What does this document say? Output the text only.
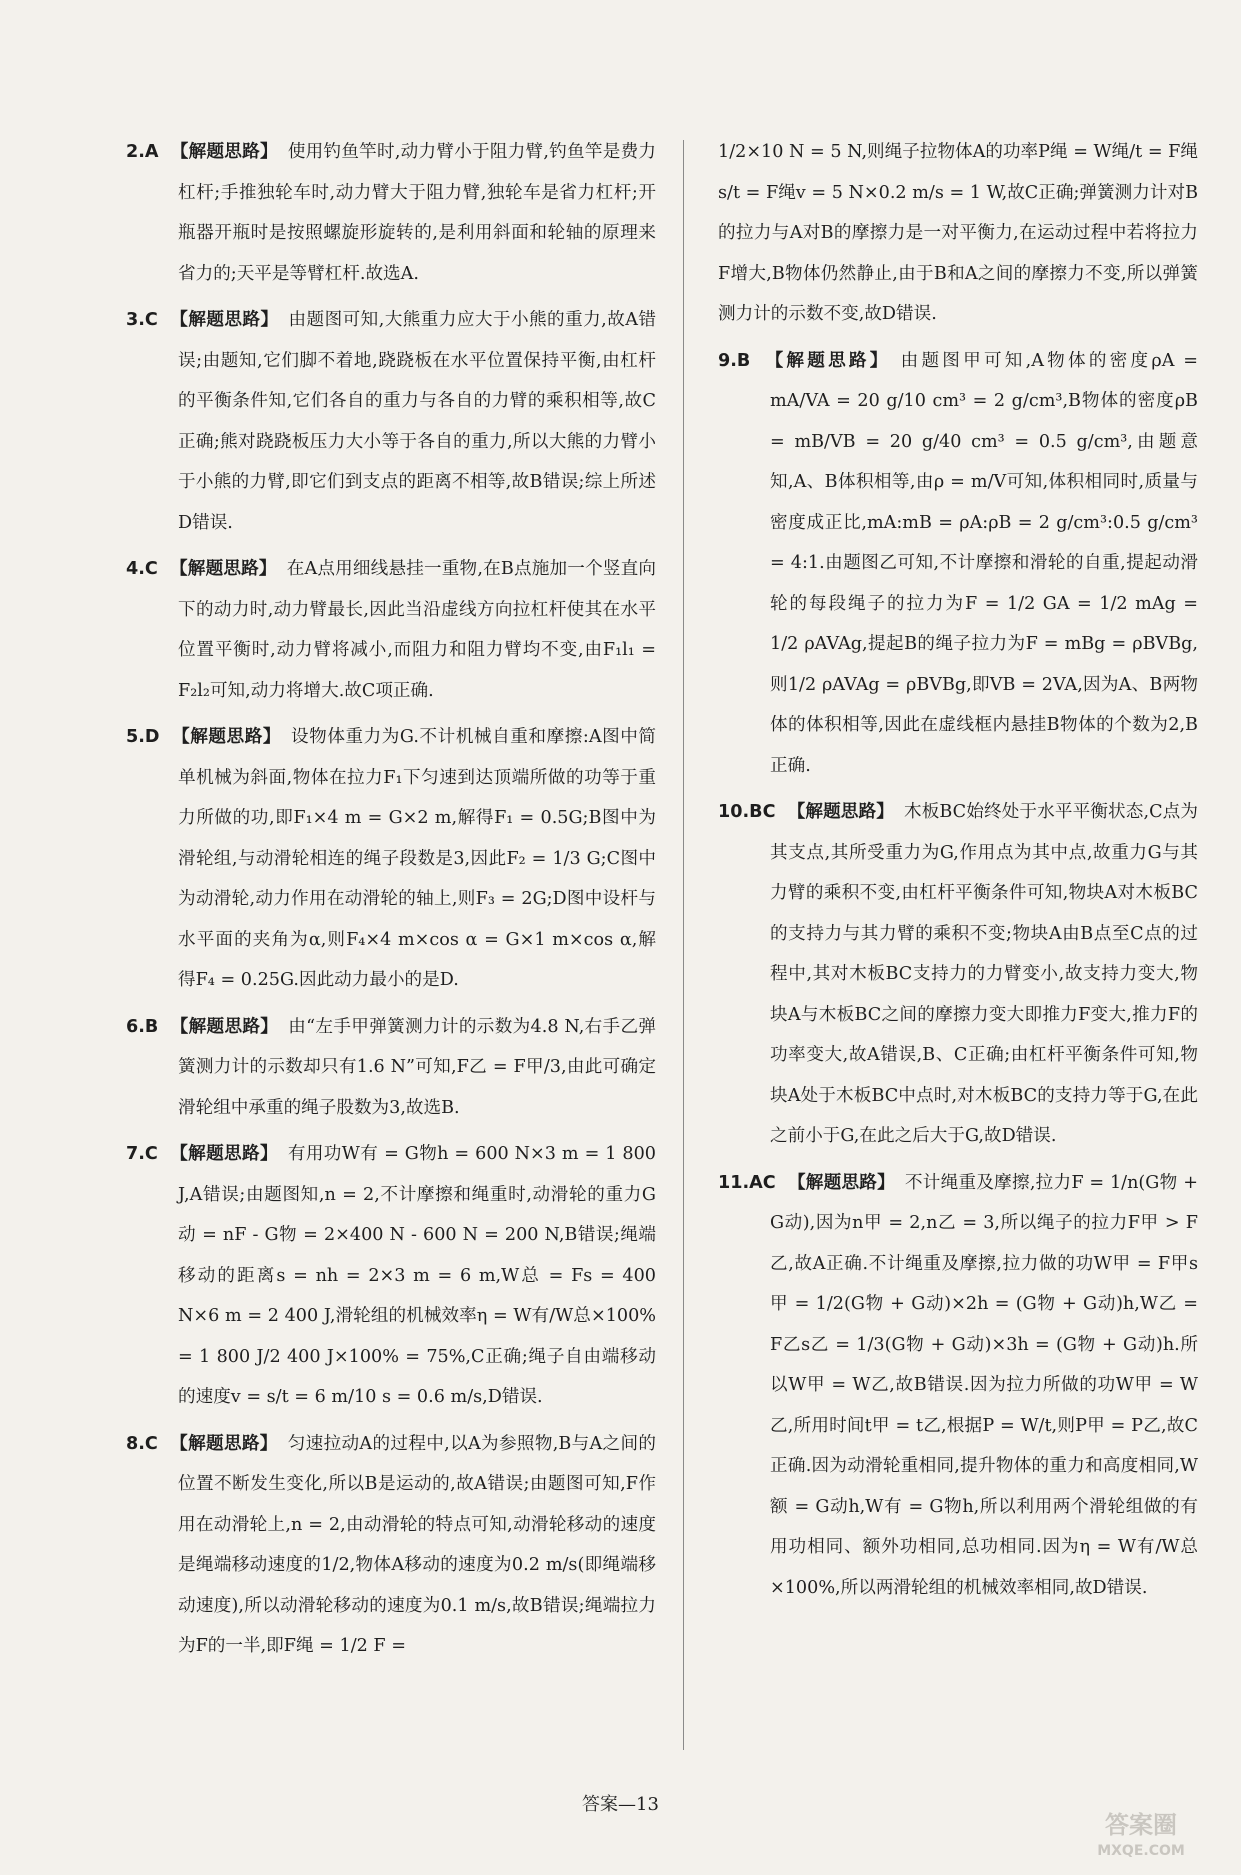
2.A 【解题思路】 使用钓鱼竿时,动力臂小于阻力臂,钓鱼竿是费力杠杆;手推独轮车时,动力臂大于阻力臂,独轮车是省力杠杆;开瓶器开瓶时是按照螺旋形旋转的,是利用斜面和轮轴的原理来省力的;天平是等臂杠杆.故选A.

3.C 【解题思路】 由题图可知,大熊重力应大于小熊的重力,故A错误;由题知,它们脚不着地,跷跷板在水平位置保持平衡,由杠杆的平衡条件知,它们各自的重力与各自的力臂的乘积相等,故C正确;熊对跷跷板压力大小等于各自的重力,所以大熊的力臂小于小熊的力臂,即它们到支点的距离不相等,故B错误;综上所述D错误.

4.C 【解题思路】 在A点用细线悬挂一重物,在B点施加一个竖直向下的动力时,动力臂最长,因此当沿虚线方向拉杠杆使其在水平位置平衡时,动力臂将减小,而阻力和阻力臂均不变,由F₁l₁ = F₂l₂可知,动力将增大.故C项正确.

5.D 【解题思路】 设物体重力为G.不计机械自重和摩擦:A图中简单机械为斜面,物体在拉力F₁下匀速到达顶端所做的功等于重力所做的功,即F₁×4 m = G×2 m,解得F₁ = 0.5G;B图中为滑轮组,与动滑轮相连的绳子段数是3,因此F₂ = 1/3 G;C图中为动滑轮,动力作用在动滑轮的轴上,则F₃ = 2G;D图中设杆与水平面的夹角为α,则F₄×4 m×cos α = G×1 m×cos α,解得F₄ = 0.25G.因此动力最小的是D.

6.B 【解题思路】 由“左手甲弹簧测力计的示数为4.8 N,右手乙弹簧测力计的示数却只有1.6 N”可知,F乙 = F甲/3,由此可确定滑轮组中承重的绳子股数为3,故选B.

7.C 【解题思路】 有用功W有 = G物h = 600 N×3 m = 1 800 J,A错误;由题图知,n = 2,不计摩擦和绳重时,动滑轮的重力G动 = nF - G物 = 2×400 N - 600 N = 200 N,B错误;绳端移动的距离s = nh = 2×3 m = 6 m,W总 = Fs = 400 N×6 m = 2 400 J,滑轮组的机械效率η = W有/W总×100% = 1 800 J/2 400 J×100% = 75%,C正确;绳子自由端移动的速度v = s/t = 6 m/10 s = 0.6 m/s,D错误.

8.C 【解题思路】 匀速拉动A的过程中,以A为参照物,B与A之间的位置不断发生变化,所以B是运动的,故A错误;由题图可知,F作用在动滑轮上,n = 2,由动滑轮的特点可知,动滑轮移动的速度是绳端移动速度的1/2,物体A移动的速度为0.2 m/s(即绳端移动速度),所以动滑轮移动的速度为0.1 m/s,故B错误;绳端拉力为F的一半,即F绳 = 1/2 F =

1/2×10 N = 5 N,则绳子拉物体A的功率P绳 = W绳/t = F绳s/t = F绳v = 5 N×0.2 m/s = 1 W,故C正确;弹簧测力计对B的拉力与A对B的摩擦力是一对平衡力,在运动过程中若将拉力F增大,B物体仍然静止,由于B和A之间的摩擦力不变,所以弹簧测力计的示数不变,故D错误.

9.B 【解题思路】 由题图甲可知,A物体的密度ρA = mA/VA = 20 g/10 cm³ = 2 g/cm³,B物体的密度ρB = mB/VB = 20 g/40 cm³ = 0.5 g/cm³,由题意知,A、B体积相等,由ρ = m/V可知,体积相同时,质量与密度成正比,mA:mB = ρA:ρB = 2 g/cm³:0.5 g/cm³ = 4:1.由题图乙可知,不计摩擦和滑轮的自重,提起动滑轮的每段绳子的拉力为F = 1/2 GA = 1/2 mAg = 1/2 ρAVAg,提起B的绳子拉力为F = mBg = ρBVBg,则1/2 ρAVAg = ρBVBg,即VB = 2VA,因为A、B两物体的体积相等,因此在虚线框内悬挂B物体的个数为2,B正确.

10.BC 【解题思路】 木板BC始终处于水平平衡状态,C点为其支点,其所受重力为G,作用点为其中点,故重力G与其力臂的乘积不变,由杠杆平衡条件可知,物块A对木板BC的支持力与其力臂的乘积不变;物块A由B点至C点的过程中,其对木板BC支持力的力臂变小,故支持力变大,物块A与木板BC之间的摩擦力变大即推力F变大,推力F的功率变大,故A错误,B、C正确;由杠杆平衡条件可知,物块A处于木板BC中点时,对木板BC的支持力等于G,在此之前小于G,在此之后大于G,故D错误.

11.AC 【解题思路】 不计绳重及摩擦,拉力F = 1/n(G物 + G动),因为n甲 = 2,n乙 = 3,所以绳子的拉力F甲 > F乙,故A正确.不计绳重及摩擦,拉力做的功W甲 = F甲s甲 = 1/2(G物 + G动)×2h = (G物 + G动)h,W乙 = F乙s乙 = 1/3(G物 + G动)×3h = (G物 + G动)h.所以W甲 = W乙,故B错误.因为拉力所做的功W甲 = W乙,所用时间t甲 = t乙,根据P = W/t,则P甲 = P乙,故C正确.因为动滑轮重相同,提升物体的重力和高度相同,W额 = G动h,W有 = G物h,所以利用两个滑轮组做的有用功相同、额外功相同,总功相同.因为η = W有/W总×100%,所以两滑轮组的机械效率相同,故D错误.

答案—13
答案圈
MXQE.COM
